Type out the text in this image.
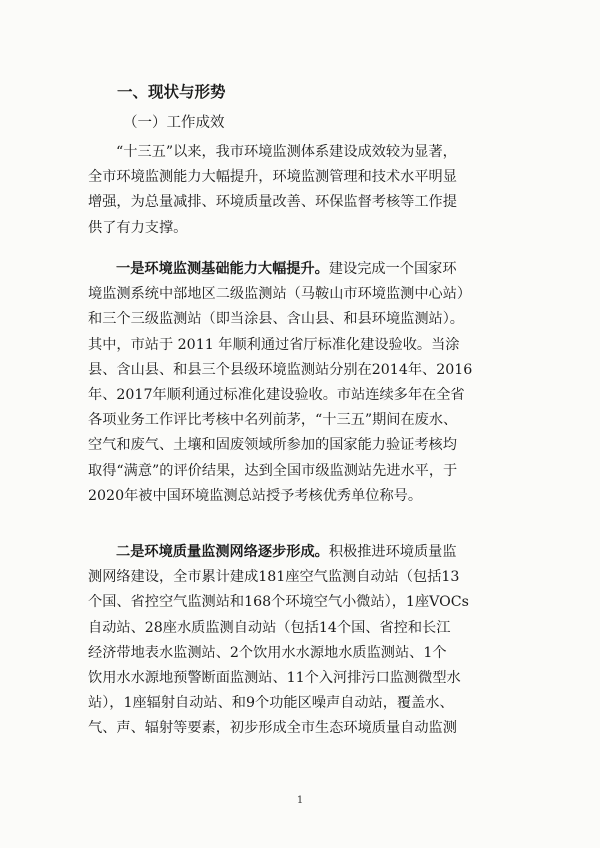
一、现状与形势
（一）工作成效
“十三五”以来，我市环境监测体系建设成效较为显著，
全市环境监测能力大幅提升，环境监测管理和技术水平明显
增强，为总量减排、环境质量改善、环保监督考核等工作提
供了有力支撑。
一是环境监测基础能力大幅提升。建设完成一个国家环
境监测系统中部地区二级监测站（马鞍山市环境监测中心站）
和三个三级监测站（即当涂县、含山县、和县环境监测站）。
其中，市站于 2011 年顺利通过省厅标准化建设验收。当涂
县、含山县、和县三个县级环境监测站分别在2014年、2016
年、2017年顺利通过标准化建设验收。市站连续多年在全省
各项业务工作评比考核中名列前茅，“十三五”期间在废水、
空气和废气、土壤和固废领域所参加的国家能力验证考核均
取得“满意”的评价结果，达到全国市级监测站先进水平，于
2020年被中国环境监测总站授予考核优秀单位称号。
二是环境质量监测网络逐步形成。积极推进环境质量监
测网络建设，全市累计建成181座空气监测自动站（包括13
个国、省控空气监测站和168个环境空气小微站），1座VOCs
自动站、28座水质监测自动站（包括14个国、省控和长江
经济带地表水监测站、2个饮用水水源地水质监测站、1个
饮用水水源地预警断面监测站、11个入河排污口监测微型水
站），1座辐射自动站、和9个功能区噪声自动站，覆盖水、
气、声、辐射等要素，初步形成全市生态环境质量自动监测
1
